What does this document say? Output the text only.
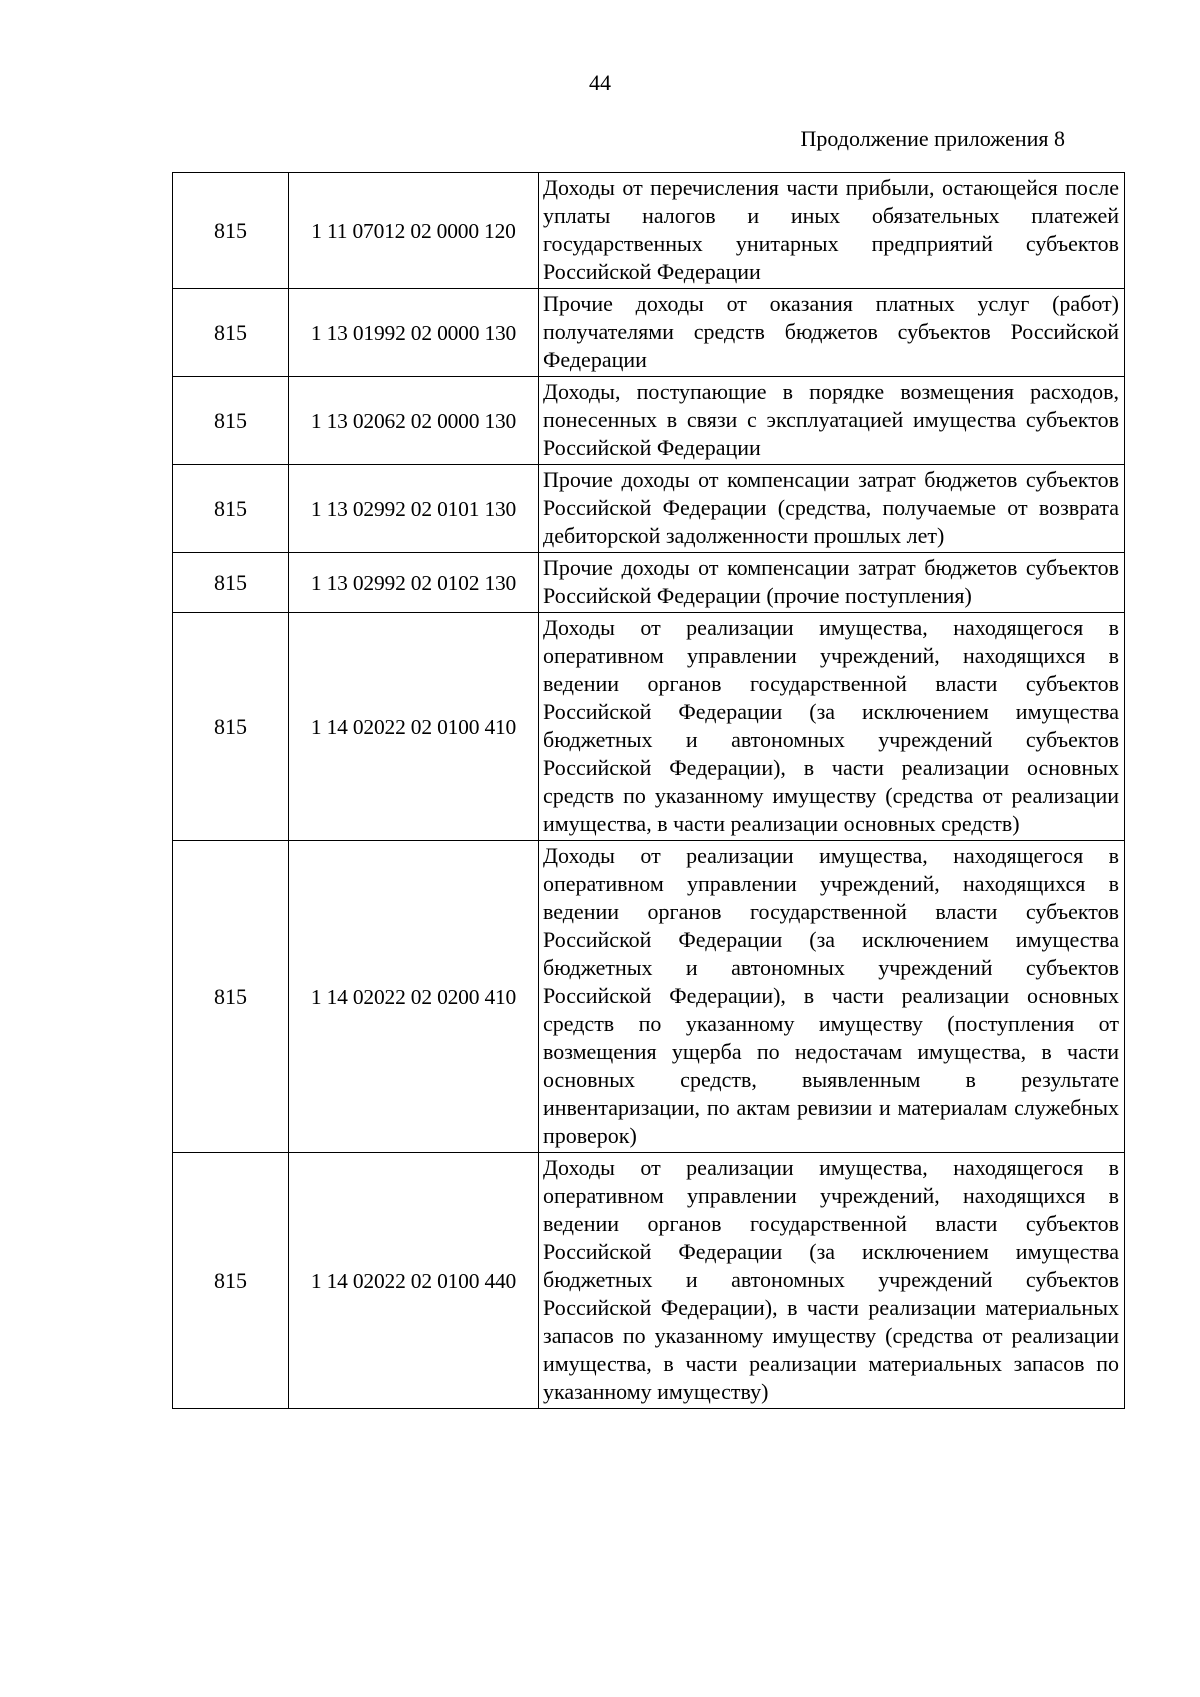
44
Продолжение приложения 8
815	1 11 07012 02 0000 120	Доходы от перечисления части прибыли, остающейся после уплаты налогов и иных обязательных платежей государственных унитарных предприятий субъектов Российской Федерации
815	1 13 01992 02 0000 130	Прочие доходы от оказания платных услуг (работ) получателями средств бюджетов субъектов Российской Федерации
815	1 13 02062 02 0000 130	Доходы, поступающие в порядке возмещения расходов, понесенных в связи с эксплуатацией имущества субъектов Российской Федерации
815	1 13 02992 02 0101 130	Прочие доходы от компенсации затрат бюджетов субъектов Российской Федерации (средства, получаемые от возврата дебиторской задолженности прошлых лет)
815	1 13 02992 02 0102 130	Прочие доходы от компенсации затрат бюджетов субъектов Российской Федерации (прочие поступления)
815	1 14 02022 02 0100 410	Доходы от реализации имущества, находящегося в оперативном управлении учреждений, находящихся в ведении органов государственной власти субъектов Российской Федерации (за исключением имущества бюджетных и автономных учреждений субъектов Российской Федерации), в части реализации основных средств по указанному имуществу (средства от реализации имущества, в части реализации основных средств)
815	1 14 02022 02 0200 410	Доходы от реализации имущества, находящегося в оперативном управлении учреждений, находящихся в ведении органов государственной власти субъектов Российской Федерации (за исключением имущества бюджетных и автономных учреждений субъектов Российской Федерации), в части реализации основных средств по указанному имуществу (поступления от возмещения ущерба по недостачам имущества, в части основных средств, выявленным в результате инвентаризации, по актам ревизии и материалам служебных проверок)
815	1 14 02022 02 0100 440	Доходы от реализации имущества, находящегося в оперативном управлении учреждений, находящихся в ведении органов государственной власти субъектов Российской Федерации (за исключением имущества бюджетных и автономных учреждений субъектов Российской Федерации), в части реализации материальных запасов по указанному имуществу (средства от реализации имущества, в части реализации материальных запасов по указанному имуществу)
